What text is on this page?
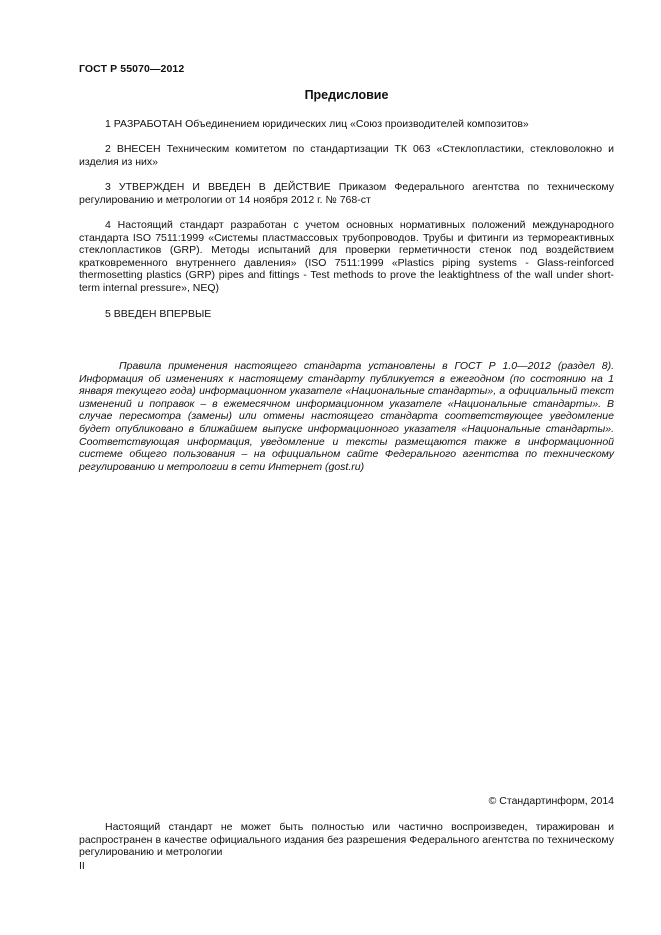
ГОСТ Р 55070—2012
Предисловие
1 РАЗРАБОТАН Объединением юридических лиц «Союз производителей композитов»
2 ВНЕСЕН Техническим комитетом по стандартизации ТК 063 «Стеклопластики, стекловолокно и изделия из них»
3 УТВЕРЖДЕН И ВВЕДЕН В ДЕЙСТВИЕ Приказом Федерального агентства по техническому регулированию и метрологии от 14 ноября 2012 г. № 768-ст
4 Настоящий стандарт разработан с учетом основных нормативных положений международного стандарта ISO 7511:1999 «Системы пластмассовых трубопроводов. Трубы и фитинги из термореактивных стеклопластиков (GRP). Методы испытаний для проверки герметичности стенок под воздействием кратковременного внутреннего давления» (ISO 7511:1999 «Plastics piping systems - Glass-reinforced thermosetting plastics (GRP) pipes and fittings - Test methods to prove the leaktightness of the wall under short-term internal pressure», NEQ)
5 ВВЕДЕН ВПЕРВЫЕ
Правила применения настоящего стандарта установлены в ГОСТ Р 1.0—2012 (раздел 8). Информация об изменениях к настоящему стандарту публикуется в ежегодном (по состоянию на 1 января текущего года) информационном указателе «Национальные стандарты», а официальный текст изменений и поправок – в ежемесячном информационном указателе «Национальные стандарты». В случае пересмотра (замены) или отмены настоящего стандарта соответствующее уведомление будет опубликовано в ближайшем выпуске информационного указателя «Национальные стандарты». Соответствующая информация, уведомление и тексты размещаются также в информационной системе общего пользования – на официальном сайте Федерального агентства по техническому регулированию и метрологии в сети Интернет (gost.ru)
© Стандартинформ, 2014
Настоящий стандарт не может быть полностью или частично воспроизведен, тиражирован и распространен в качестве официального издания без разрешения Федерального агентства по техническому регулированию и метрологии
II
